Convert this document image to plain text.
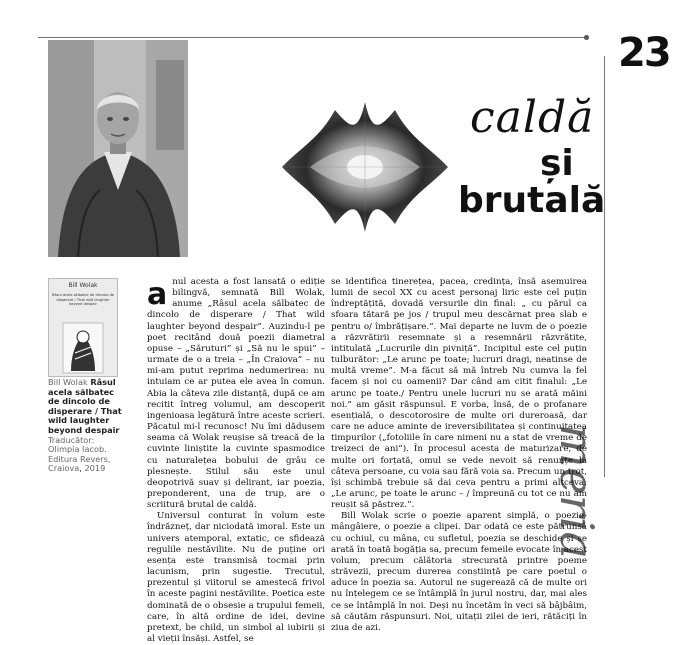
23
meria
caldă
și
brutală
Bill Wolak
Râsul acela sălbatec de dincolo de disperare / That wild laughter beyond despair
Bill Wolak Râsul acela sălbatec de dincolo de disperare / That wild laughter beyond despair
Traducător: Olimpia Iacob.
Editura Revers, Craiova, 2019

anul acesta a fost lansată o ediție bilingvă, semnată Bill Wolak, anume „Râsul acela sălbatec de dincolo de disperare / That wild laughter beyond despair”. Auzindu-l pe poet recitând două poezii diametral opuse – „Săruturi” și „Să nu le spui” – urmate de o a treia – „În Craiova” – nu mi-am putut reprima nedumerirea: nu intuiam ce ar putea ele avea în comun. Abia la câteva zile distanță, după ce am recitit întreg volumul, am descoperit ingenioasa legătură între aceste scrieri. Păcatul mi-l recunosc! Nu îmi dădusem seama că Wolak reușise să treacă de la cuvinte liniștite la cuvinte spasmodice cu naturalețea bobului de grâu ce plesnește. Stilul său este unul deopotrivă suav și delirant, iar poezia, preponderent, una de trup, are o scriitură brutal de caldă.

Universul conturat în volum este îndrăzneț, dar niciodată imoral. Este un univers atemporal, extatic, ce sfidează regulile nestăvilite. Nu de puține ori esența este transmisă tocmai prin lacunism, prin sugestie. Trecutul, prezentul și viitorul se amestecă frivol în aceste pagini nestăvilite. Poetica este dominată de o obsesie a trupului femeii, care, în altă ordine de idei, devine pretext, be child, un simbol al iubirii și al vieții însăși. Astfel, se

se identifica tinerețea, pacea, credința, însă asemuirea lumii de secol XX cu acest personaj liric este cel puțin îndreptățită, dovadă versurile din final: „ cu părul ca sfoara tătară pe jos / trupul meu descărnat prea slab e pentru o/ îmbrățișare.”. Mai departe ne luvm de o poezie a răzvrătirii resemnate și a resemnării răzvrătite, intitulată „Lucrurile din pivniță”. Incipitul este cel puțin tulburător: „Le arunc pe toate; lucruri dragi, neatinse de multă vreme”. M-a făcut să mă întreb Nu cumva la fel facem și noi cu oamenii? Dar când am citit finalul: „Le arunc pe toate./ Pentru unele lucruri nu se arată măini noi.” am găsit răspunsul. E vorba, însă, de o profanare esențială, o descotorosire de multe ori dureroasă, dar care ne aduce aminte de ireversibilitatea și continuitatea timpurilor („fotoliile în care nimeni nu a stat de vreme de treizeci de ani”). În procesul acesta de maturizare, de multe ori forțată, omul se vede nevoit să renunțe la câteva persoane, cu voia sau fără voia sa. Precum un trot, își schimbă trebuie să dai ceva pentru a primi altceva: „Le arunc, pe toate le arunc – / împreună cu tot ce nu am reușit să păstrez.”.

Bill Wolak scrie o poezie aparent simplă, o poezie-mângâiere, o poezie a clipei. Dar odată ce este pătrunsă cu ochiul, cu mâna, cu sufletul, poezia se deschide și se arată în toată bogăția sa, precum femeile evocate în acest volum, precum călătoria strecurată printre poeme străvezii, precum durerea conștiință pe care poetul o aduce în poezia sa. Autorul ne sugerează că de multe ori nu înțelegem ce se întâmplă în jurul nostru, dar, mai ales ce se întâmplă în noi. Deși nu încetăm în veci să bâjbâim, să căutăm răspunsuri. Noi, uitații zilei de ieri, rătăciți în ziua de azi.
